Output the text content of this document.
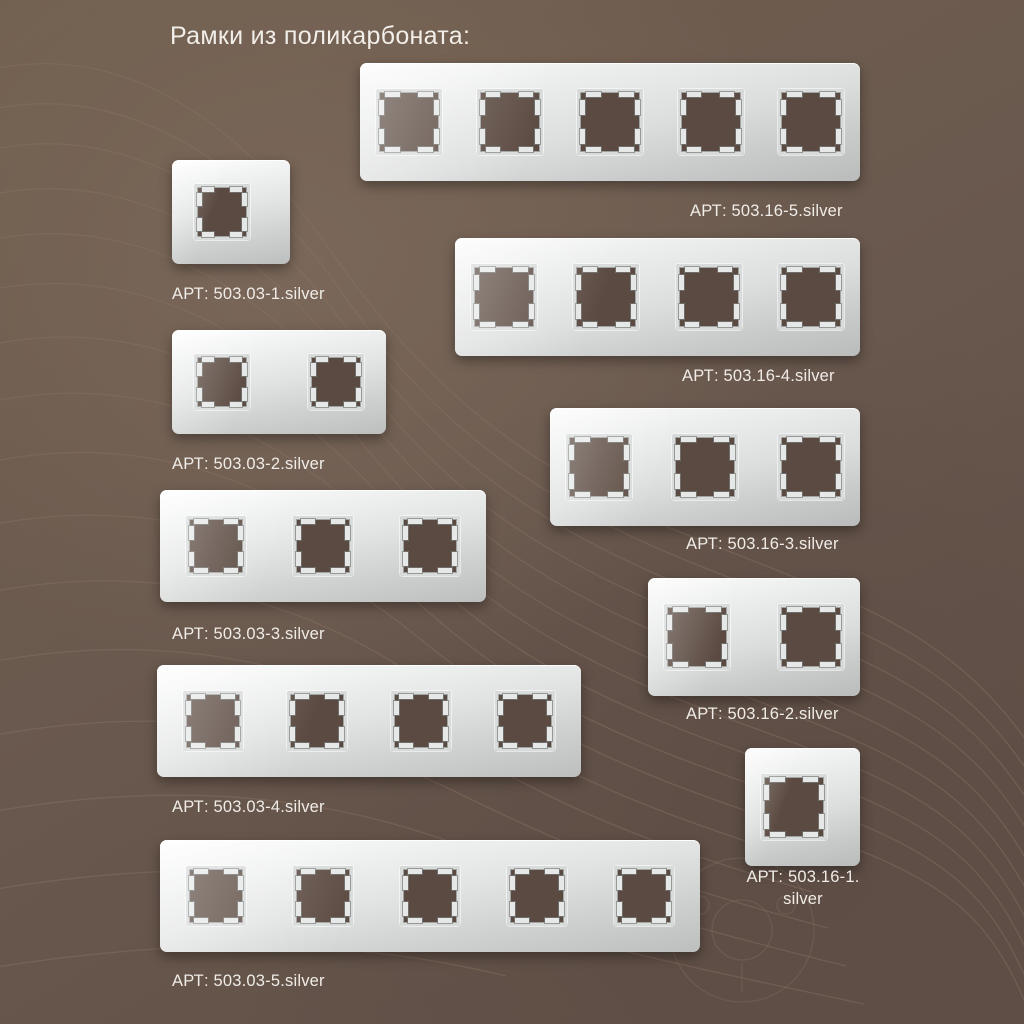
Рамки из поликарбоната:
АРТ: 503.03-1.silver
АРТ: 503.03-2.silver
АРТ: 503.03-3.silver
АРТ: 503.03-4.silver
АРТ: 503.03-5.silver
АРТ: 503.16-5.silver
АРТ: 503.16-4.silver
АРТ: 503.16-3.silver
АРТ: 503.16-2.silver
АРТ: 503.16-1. silver
